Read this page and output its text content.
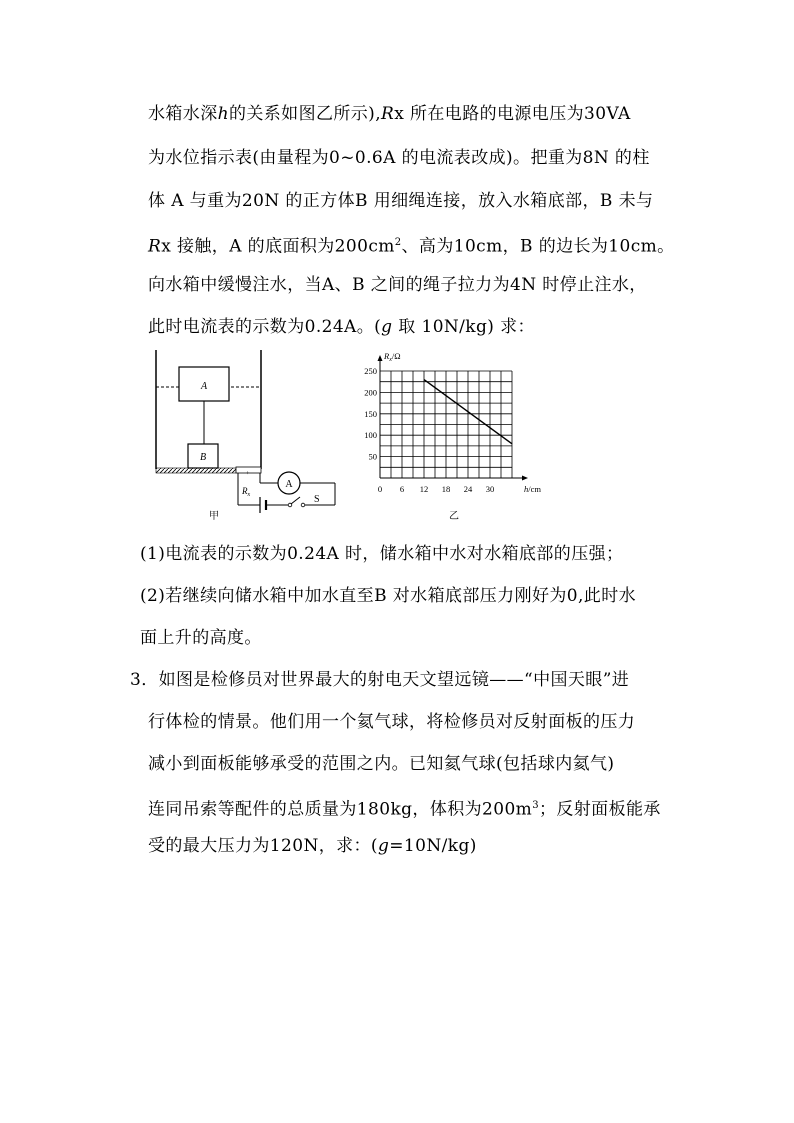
水箱水深h的关系如图乙所示),Rx 所在电路的电源电压为30VA
为水位指示表(由量程为0~0.6A 的电流表改成)。把重为8N 的柱
体 A 与重为20N 的正方体B 用细绳连接，放入水箱底部，B 未与
Rx 接触，A 的底面积为$200cm^2$、高为10cm，B 的边长为10cm。
向水箱中缓慢注水，当A、B 之间的绳子拉力为4N 时停止注水，
此时电流表的示数为0.24A。(g 取 10N/kg) 求：
A
B
+
A
S
$R_x$
甲
50
100
150
200
250
0 6 12 18 24 30
$R_x/\Omega$
h/cm
乙
(1)电流表的示数为0.24A 时，储水箱中水对水箱底部的压强；
(2)若继续向储水箱中加水直至B 对水箱底部压力刚好为0,此时水
面上升的高度。
3．如图是检修员对世界最大的射电天文望远镜——“中国天眼”进
行体检的情景。他们用一个氦气球，将检修员对反射面板的压力
减小到面板能够承受的范围之内。已知氦气球(包括球内氦气)
连同吊索等配件的总质量为180kg，体积为$200m^3$；反射面板能承
受的最大压力为120N，求：(g=10N/kg)
